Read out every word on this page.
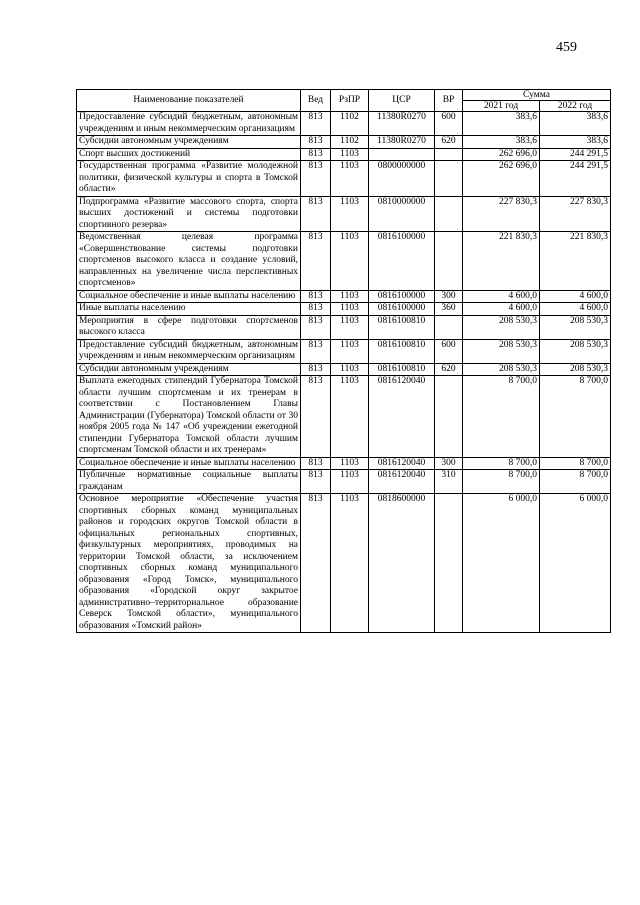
459
Наименование показателей	Вед	РзПР	ЦСР	ВР	Сумма	
					2021 год	2022 год
Предоставление субсидий бюджетным, автономным учреждениям и иным некоммерческим организациям	813	1102	11380R0270	600	383,6	383,6
Субсидии автономным учреждениям	813	1102	11380R0270	620	383,6	383,6
Спорт высших достижений	813	1103			262 696,0	244 291,5
Государственная программа «Развитие молодежной политики, физической культуры и спорта в Томской области»	813	1103	0800000000		262 696,0	244 291,5
Подпрограмма «Развитие массового спорта, спорта высших достижений и системы подготовки спортивного резерва»	813	1103	0810000000		227 830,3	227 830,3
Ведомственная целевая программа «Совершенствование системы подготовки спортсменов высокого класса и создание условий, направленных на увеличение числа перспективных спортсменов»	813	1103	0816100000		221 830,3	221 830,3
Социальное обеспечение и иные выплаты населению	813	1103	0816100000	300	4 600,0	4 600,0
Иные выплаты населению	813	1103	0816100000	360	4 600,0	4 600,0
Мероприятия в сфере подготовки спортсменов высокого класса	813	1103	0816100810		208 530,3	208 530,3
Предоставление субсидий бюджетным, автономным учреждениям и иным некоммерческим организациям	813	1103	0816100810	600	208 530,3	208 530,3
Субсидии автономным учреждениям	813	1103	0816100810	620	208 530,3	208 530,3
Выплата ежегодных стипендий Губернатора Томской области лучшим спортсменам и их тренерам в соответствии с Постановлением Главы Администрации (Губернатора) Томской области от 30 ноября 2005 года № 147 «Об учреждении ежегодной стипендии Губернатора Томской области лучшим спортсменам Томской области и их тренерам»	813	1103	0816120040		8 700,0	8 700,0
Социальное обеспечение и иные выплаты населению	813	1103	0816120040	300	8 700,0	8 700,0
Публичные нормативные социальные выплаты гражданам	813	1103	0816120040	310	8 700,0	8 700,0
Основное мероприятие «Обеспечение участия спортивных сборных команд муниципальных районов и городских округов Томской области в официальных региональных спортивных, физкультурных мероприятиях, проводимых на территории Томской области, за исключением спортивных сборных команд муниципального образования «Город Томск», муниципального образования «Городской округ закрытое административно–территориальное образование Северск Томской области», муниципального образования «Томский район»	813	1103	0818600000		6 000,0	6 000,0
